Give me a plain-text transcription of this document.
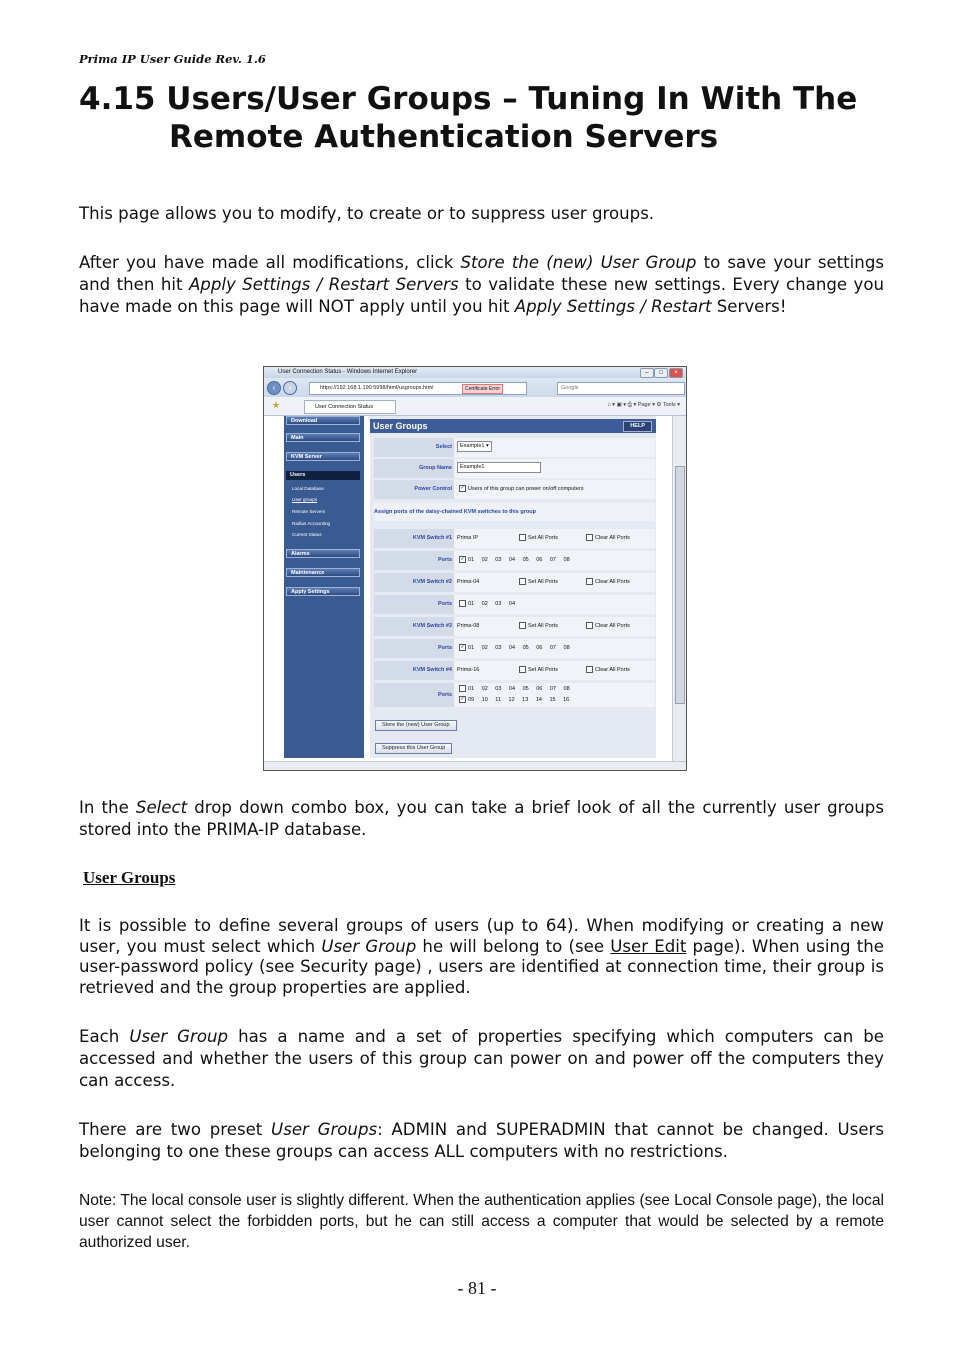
Prima IP User Guide Rev. 1.6
4.15 Users/User Groups – Tuning In With The
Remote Authentication Servers
This page allows you to modify, to create or to suppress user groups.
After you have made all modifications, click Store the (new) User Group to save your settings and then hit Apply Settings / Restart Servers to validate these new settings. Every change you have made on this page will NOT apply until you hit Apply Settings / Restart Servers!
User Connection Status - Windows Internet Explorer	–	□	×
‹	›	https://192.168.1.190:5998/html/usgroups.html	Certificate Error	Google
★	User Connection Status	⌂ ▾ ▣ ▾ ⎙ ▾ Page ▾ ⚙ Tools ▾
Download
Main
KVM Server
Users
Local Database
User groups
Remote Servers
Radius Accounting
Current Status
Alarms
Maintenance
Apply Settings
User Groups	HELP
Select	Example1 ▾
Group Name	Example1
Power Control	✓ Users of this group can power on/off computers
Assign ports of the daisy-chained KVM switches to this group
KVM Switch #1 Prima IP	Set All Ports	Clear All Ports
Ports	✓ 01 02 03 04 05 06 07 08
KVM Switch #2 Prima-04	Set All Ports	Clear All Ports
Ports	01 02 03 04
KVM Switch #3 Prima-08	Set All Ports	Clear All Ports
Ports	✓ 01 02 03 04 05 06 07 08
KVM Switch #4 Prima-16	Set All Ports	Clear All Ports
Ports
01 02 03 04 05 06 07 08
✓ 09 10 11 12 13 14 15 16
Store the (new) User Group
Suppress this User Group
In the Select drop down combo box, you can take a brief look of all the currently user groups stored into the PRIMA-IP database.
User Groups
It is possible to define several groups of users (up to 64). When modifying or creating a new user, you must select which User Group he will belong to (see User Edit page). When using the user-password policy (see Security page) , users are identified at connection time, their group is retrieved and the group properties are applied.
Each User Group has a name and a set of properties specifying which computers can be accessed and whether the users of this group can power on and power off the computers they can access.
There are two preset User Groups: ADMIN and SUPERADMIN that cannot be changed. Users belonging to one these groups can access ALL computers with no restrictions.
Note: The local console user is slightly different. When the authentication applies (see Local Console page), the local user cannot select the forbidden ports, but he can still access a computer that would be selected by a remote authorized user.
- 81 -
